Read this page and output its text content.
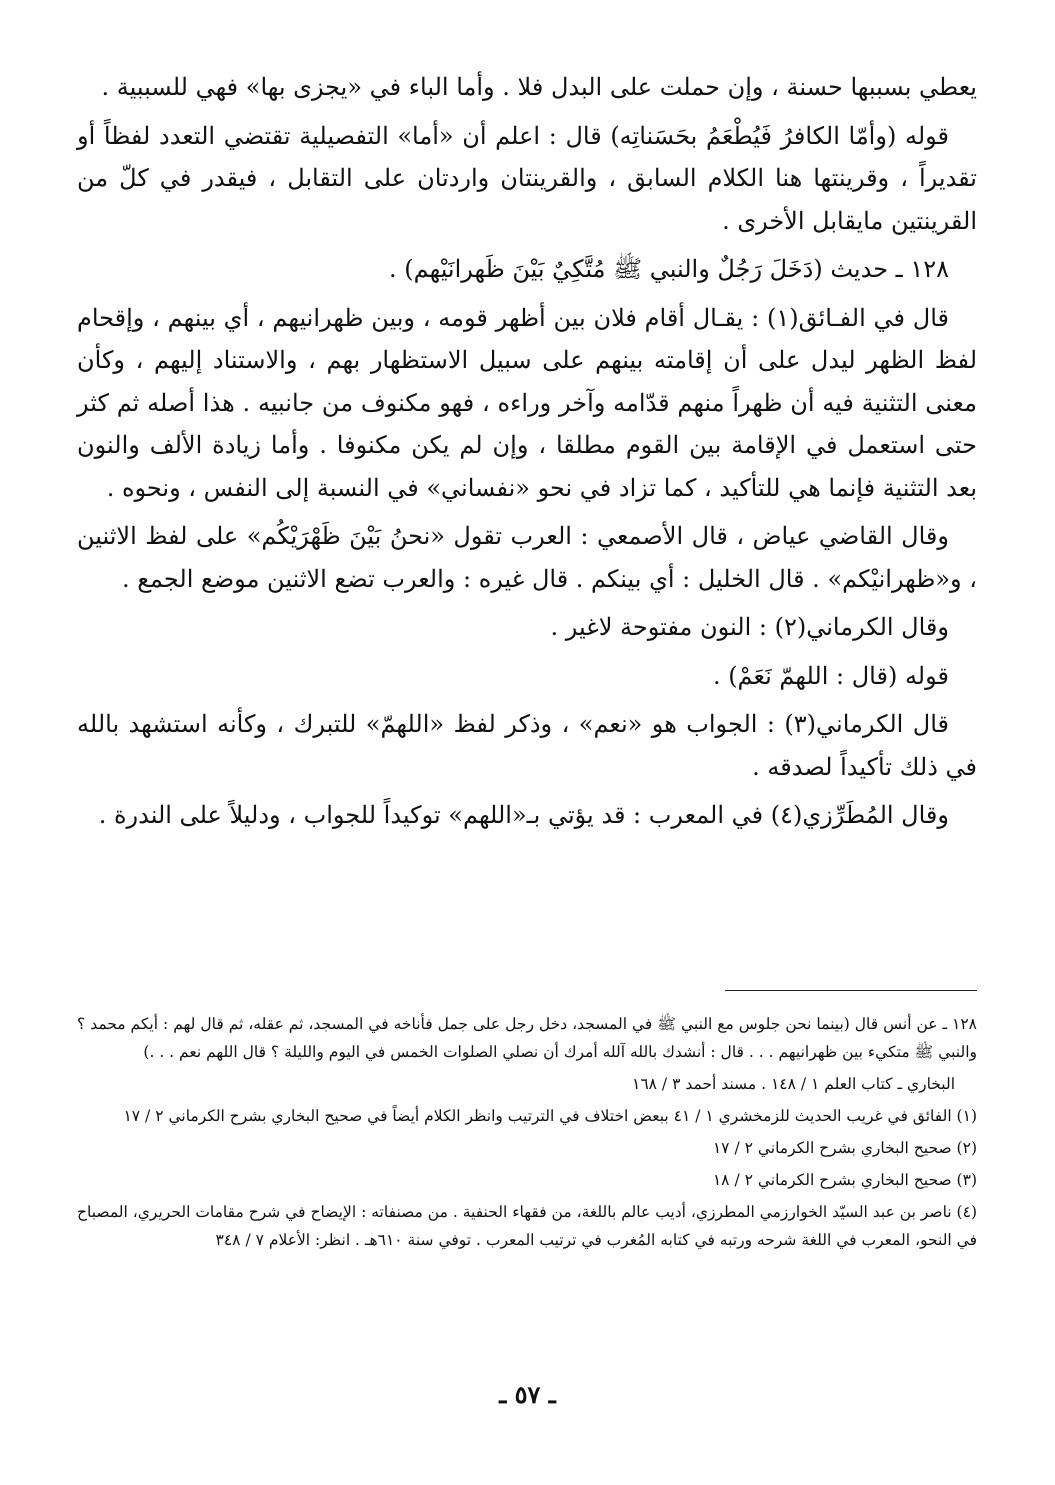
يعطي بسببها حسنة ، وإن حملت على البدل فلا . وأما الباء في «يجزى بها» فهي للسببية .

قوله (وأمّا الكافرُ فَيُطْعَمُ بحَسَناتِه) قال : اعلم أن «أما» التفصيلية تقتضي التعدد لفظاً أو تقديراً ، وقرينتها هنا الكلام السابق ، والقرينتان واردتان على التقابل ، فيقدر في كلّ من القرينتين مايقابل الأخرى .

١٢٨ ـ حديث (دَخَلَ رَجُلٌ والنبي ﷺ مُتَّكِيٌ بَيْنَ ظَهرانَيْهم) .

قال في الفـائق(١) : يقـال أقام فلان بين أظهر قومه ، وبين ظهرانيهم ، أي بينهم ، وإقحام لفظ الظهر ليدل على أن إقامته بينهم على سبيل الاستظهار بهم ، والاستناد إليهم ، وكأن معنى التثنية فيه أن ظهراً منهم قدّامه وآخر وراءه ، فهو مكنوف من جانبيه . هذا أصله ثم كثر حتى استعمل في الإقامة بين القوم مطلقا ، وإن لم يكن مكنوفا . وأما زيادة الألف والنون بعد التثنية فإنما هي للتأكيد ، كما تزاد في نحو «نفساني» في النسبة إلى النفس ، ونحوه .

وقال القاضي عياض ، قال الأصمعي : العرب تقول «نحنُ بَيْنَ ظَهْرَيْكُم» على لفظ الاثنين ، و«ظهرانيْكم» . قال الخليل : أي بينكم . قال غيره : والعرب تضع الاثنين موضع الجمع .

وقال الكرماني(٢) : النون مفتوحة لاغير .

قوله (قال : اللهمّ نَعَمْ) .

قال الكرماني(٣) : الجواب هو «نعم» ، وذكر لفظ «اللهمّ» للتبرك ، وكأنه استشهد بالله في ذلك تأكيداً لصدقه .

وقال المُطَرِّزي(٤) في المعرب : قد يؤتي بـ«اللهم» توكيداً للجواب ، ودليلاً على الندرة .

١٢٨ ـ عن أنس قال (بينما نحن جلوس مع النبي ﷺ في المسجد، دخل رجل على جمل فأناخه في المسجد، ثم عقله، ثم قال لهم : أيكم محمد ؟ والنبي ﷺ متكيء بين ظهرانيهم . . . قال : أنشدك بالله آلله أمرك أن نصلي الصلوات الخمس في اليوم والليلة ؟ قال اللهم نعم . . .)

البخاري ـ كتاب العلم ١ / ١٤٨ . مسند أحمد ٣ / ١٦٨

(١) الفائق في غريب الحديث للزمخشري ١ / ٤١ ببعض اختلاف في الترتيب وانظر الكلام أيضاً في صحيح البخاري بشرح الكرماني ٢ / ١٧

(٢) صحيح البخاري بشرح الكرماني ٢ / ١٧

(٣) صحيح البخاري بشرح الكرماني ٢ / ١٨

(٤) ناصر بن عبد السيّد الخوارزمي المطرزي، أديب عالم باللغة، من فقهاء الحنفية . من مصنفاته : الإيضاح في شرح مقامات الحريري، المصباح في النحو، المعرب في اللغة شرحه ورتبه في كتابه المُغرب في ترتيب المعرب . توفي سنة ٦١٠هـ . انظر: الأعلام ٧ / ٣٤٨

ـ ٥٧ ـ
